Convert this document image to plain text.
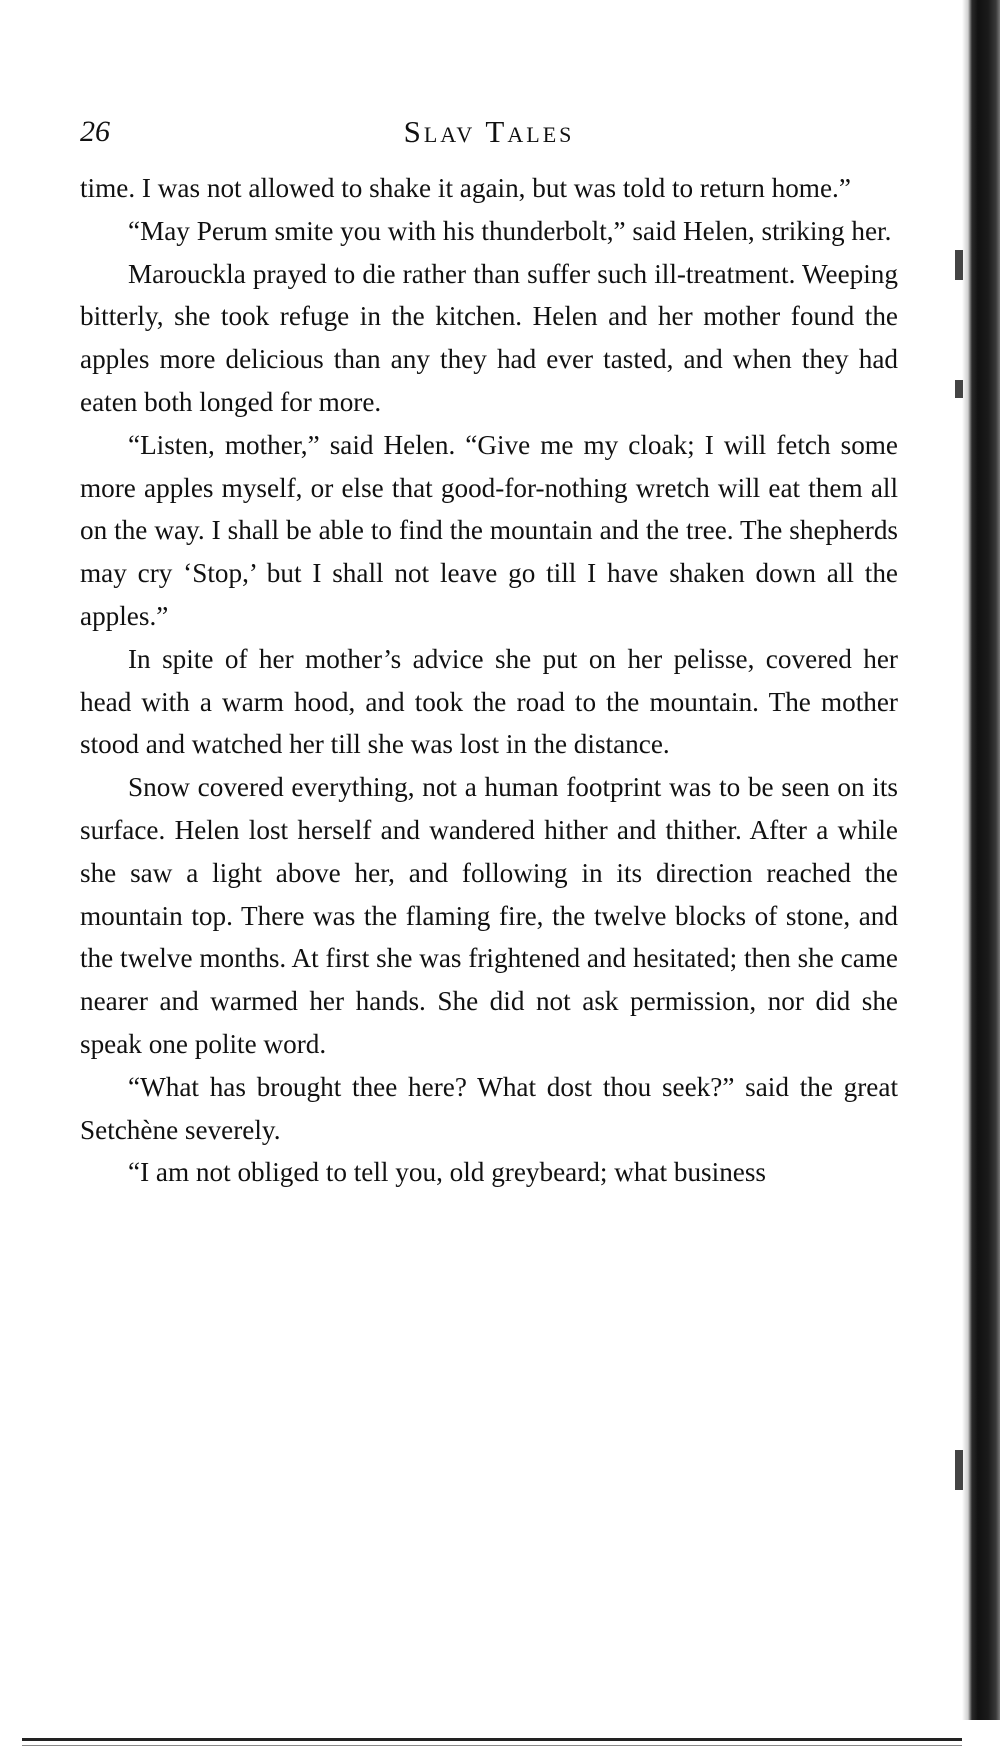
26	Slav Tales

time. I was not allowed to shake it again, but was told to return home.”

“May Perum smite you with his thunderbolt,” said Helen, striking her.

Marouckla prayed to die rather than suffer such ill-treatment. Weeping bitterly, she took refuge in the kitchen. Helen and her mother found the apples more delicious than any they had ever tasted, and when they had eaten both longed for more.

“Listen, mother,” said Helen. “Give me my cloak; I will fetch some more apples myself, or else that good-for-nothing wretch will eat them all on the way. I shall be able to find the mountain and the tree. The shepherds may cry ‘Stop,’ but I shall not leave go till I have shaken down all the apples.”

In spite of her mother’s advice she put on her pelisse, covered her head with a warm hood, and took the road to the mountain. The mother stood and watched her till she was lost in the distance.

Snow covered everything, not a human footprint was to be seen on its surface. Helen lost herself and wandered hither and thither. After a while she saw a light above her, and following in its direction reached the mountain top. There was the flaming fire, the twelve blocks of stone, and the twelve months. At first she was frightened and hesitated; then she came nearer and warmed her hands. She did not ask permission, nor did she speak one polite word.

“What has brought thee here? What dost thou seek?” said the great Setchène severely.

“I am not obliged to tell you, old greybeard; what business
